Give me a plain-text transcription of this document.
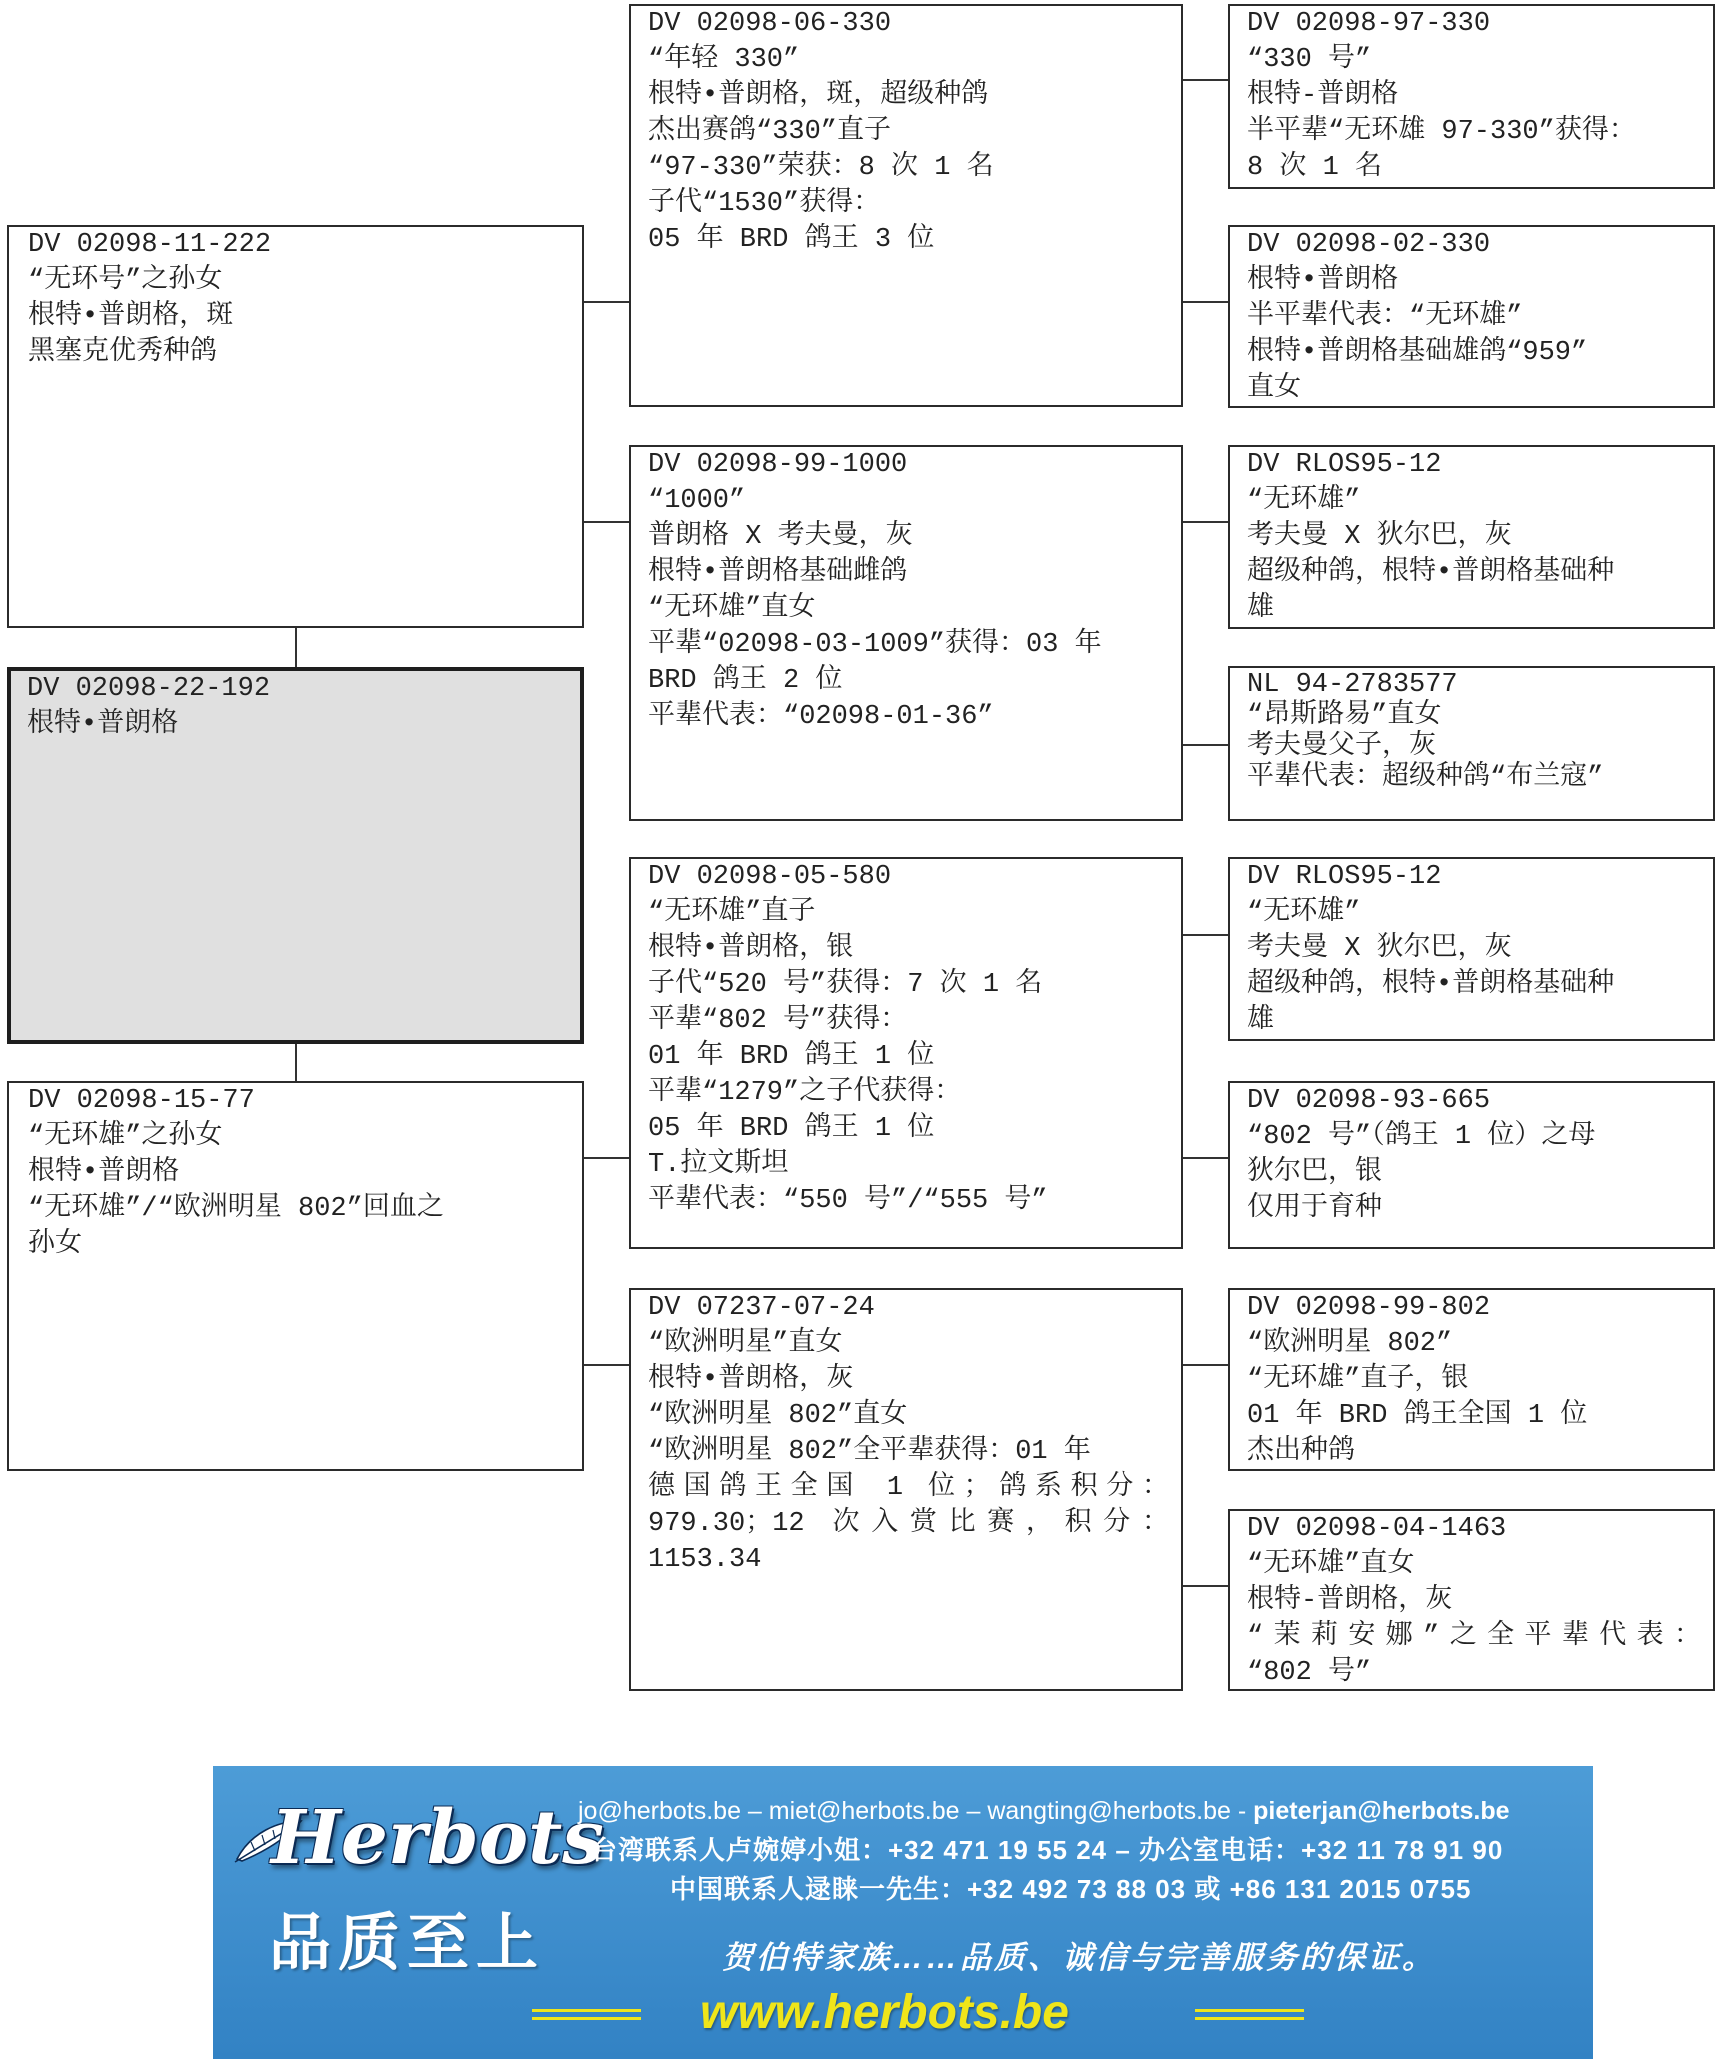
DV 02098-11-222
“无环号”之孙女
根特•普朗格，斑
黑塞克优秀种鸽
DV 02098-22-192
根特•普朗格
DV 02098-15-77
“无环雄”之孙女
根特•普朗格
“无环雄”/“欧洲明星 802”回血之
孙女
DV 02098-06-330
“年轻 330”
根特•普朗格，斑，超级种鸽
杰出赛鸽“330”直子
“97-330”荣获：8 次 1 名
子代“1530”获得：
05 年 BRD 鸽王 3 位
DV 02098-99-1000
“1000”
普朗格 X 考夫曼，灰
根特•普朗格基础雌鸽
“无环雄”直女
平辈“02098-03-1009”获得：03 年
BRD 鸽王 2 位
平辈代表：“02098-01-36”
DV 02098-05-580
“无环雄”直子
根特•普朗格，银
子代“520 号”获得：7 次 1 名
平辈“802 号”获得：
01 年 BRD 鸽王 1 位
平辈“1279”之子代获得：
05 年 BRD 鸽王 1 位
T.拉文斯坦
平辈代表：“550 号”/“555 号”
DV 07237-07-24
“欧洲明星”直女
根特•普朗格，灰
“欧洲明星 802”直女
“欧洲明星 802”全平辈获得：01 年
德国鸽王全国 1 位；鸽系积分：
979.30；12 次入赏比赛，积分：
1153.34
DV 02098-97-330
“330 号”
根特-普朗格
半平辈“无环雄 97-330”获得：
8 次 1 名
DV 02098-02-330
根特•普朗格
半平辈代表：“无环雄”
根特•普朗格基础雄鸽“959”
直女
DV RLOS95-12
“无环雄”
考夫曼 X 狄尔巴，灰
超级种鸽，根特•普朗格基础种
雄
NL 94-2783577
“昂斯路易”直女
考夫曼父子，灰
平辈代表：超级种鸽“布兰寇”
DV RLOS95-12
“无环雄”
考夫曼 X 狄尔巴，灰
超级种鸽，根特•普朗格基础种
雄
DV 02098-93-665
“802 号”（鸽王 1 位）之母
狄尔巴，银
仅用于育种
DV 02098-99-802
“欧洲明星 802”
“无环雄”直子，银
01 年 BRD 鸽王全国 1 位
杰出种鸽
DV 02098-04-1463
“无环雄”直女
根特-普朗格，灰
“茉莉安娜”之全平辈代表：
“802 号”
Herbots
品质至上
jo@herbots.be – miet@herbots.be – wangting@herbots.be - pieterjan@herbots.be
台湾联系人卢婉婷小姐：+32 471 19 55 24 – 办公室电话：+32 11 78 91 90
中国联系人逯睐一先生：+32 492 73 88 03 或 +86 131 2015 0755
贺伯特家族……品质、诚信与完善服务的保证。
www.herbots.be
